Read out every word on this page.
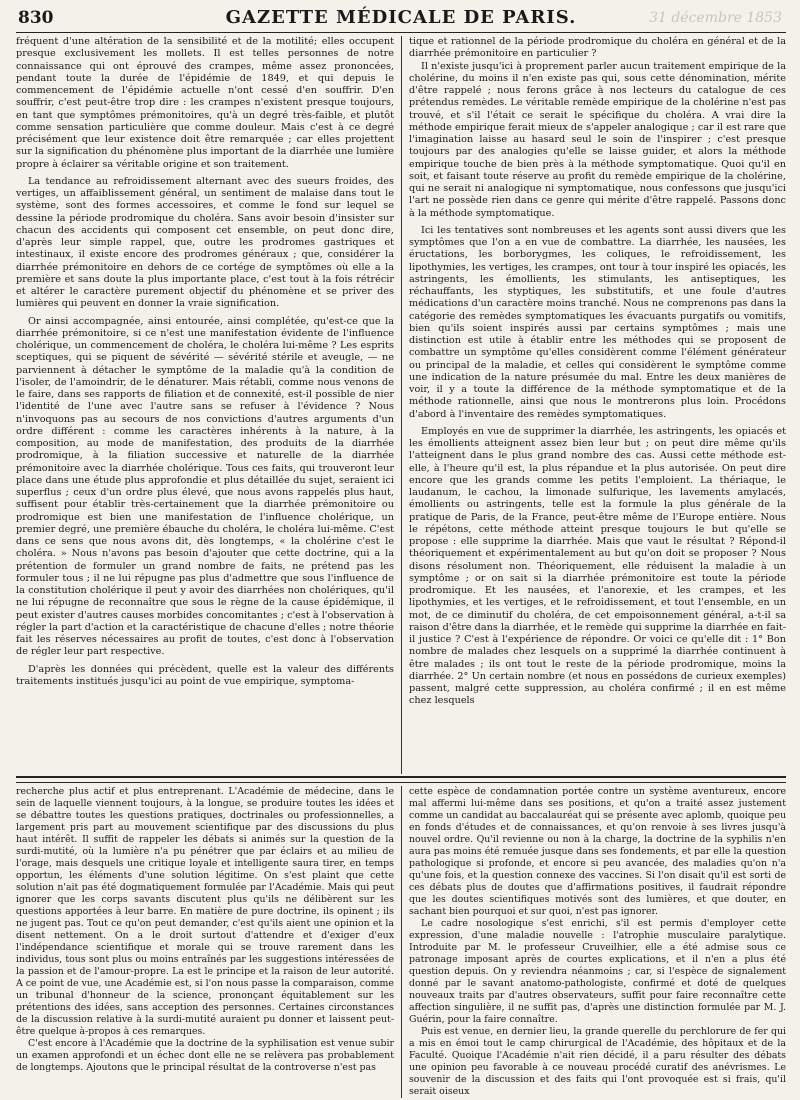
830	GAZETTE MÉDICALE DE PARIS.	31 décembre 1853

fréquent d'une altération de la sensibilité et de la motilité; elles occupent presque exclusivement les mollets. Il est telles personnes de notre connaissance qui ont éprouvé des crampes, même assez prononcées, pendant toute la durée de l'épidémie de 1849, et qui depuis le commencement de l'épidémie actuelle n'ont cessé d'en souffrir. D'en souffrir, c'est peut-être trop dire : les crampes n'existent presque toujours, en tant que symptômes prémonitoires, qu'à un degré très-faible, et plutôt comme sensation particulière que comme douleur. Mais c'est à ce degré précisément que leur existence doit être remarquée ; car elles projettent sur la signification du phénomène plus important de la diarrhée une lumière propre à éclairer sa véritable origine et son traitement.

La tendance au refroidissement alternant avec des sueurs froides, des vertiges, un affaiblissement général, un sentiment de malaise dans tout le système, sont des formes accessoires, et comme le fond sur lequel se dessine la période prodromique du choléra. Sans avoir besoin d'insister sur chacun des accidents qui composent cet ensemble, on peut donc dire, d'après leur simple rappel, que, outre les prodromes gastriques et intestinaux, il existe encore des prodromes généraux ; que, considérer la diarrhée prémonitoire en dehors de ce cortége de symptômes où elle a la première et sans doute la plus importante place, c'est tout à la fois rétrécir et altérer le caractère purement objectif du phénomène et se priver des lumières qui peuvent en donner la vraie signification.

Or ainsi accompagnée, ainsi entourée, ainsi complétée, qu'est-ce que la diarrhée prémonitoire, si ce n'est une manifestation évidente de l'influence cholérique, un commencement de choléra, le choléra lui-même ? Les esprits sceptiques, qui se piquent de sévérité — sévérité stérile et aveugle, — ne parviennent à détacher le symptôme de la maladie qu'à la condition de l'isoler, de l'amoindrir, de le dénaturer. Mais rétabli, comme nous venons de le faire, dans ses rapports de filiation et de connexité, est-il possible de nier l'identité de l'une avec l'autre sans se refuser à l'évidence ? Nous n'invoquons pas au secours de nos convictions d'autres arguments d'un ordre différent : comme les caractères inhérents à la nature, à la composition, au mode de manifestation, des produits de la diarrhée prodromique, à la filiation successive et naturelle de la diarrhée prémonitoire avec la diarrhée cholérique. Tous ces faits, qui trouveront leur place dans une étude plus approfondie et plus détaillée du sujet, seraient ici superflus ; ceux d'un ordre plus élevé, que nous avons rappelés plus haut, suffisent pour établir très-certainement que la diarrhée prémonitoire ou prodromique est bien une manifestation de l'influence cholérique, un premier degré, une première ébauche du choléra, le choléra lui-même. C'est dans ce sens que nous avons dit, dès longtemps, « la cholérine c'est le choléra. » Nous n'avons pas besoin d'ajouter que cette doctrine, qui a la prétention de formuler un grand nombre de faits, ne prétend pas les formuler tous ; il ne lui répugne pas plus d'admettre que sous l'influence de la constitution cholérique il peut y avoir des diarrhées non cholériques, qu'il ne lui répugne de reconnaître que sous le règne de la cause épidémique, il peut exister d'autres causes morbides concomitantes ; c'est à l'observation à régler la part d'action et la caractéristique de chacune d'elles ; notre théorie fait les réserves nécessaires au profit de toutes, c'est donc à l'observation de régler leur part respective.

D'après les données qui précèdent, quelle est la valeur des différents traitements institués jusqu'ici au point de vue empirique, symptoma-

tique et rationnel de la période prodromique du choléra en général et de la diarrhée prémonitoire en particulier ?

Il n'existe jusqu'ici à proprement parler aucun traitement empirique de la cholérine, du moins il n'en existe pas qui, sous cette dénomination, mérite d'être rappelé ; nous ferons grâce à nos lecteurs du catalogue de ces prétendus remèdes. Le véritable remède empirique de la cholérine n'est pas trouvé, et s'il l'était ce serait le spécifique du choléra. A vrai dire la méthode empirique ferait mieux de s'appeler analogique ; car il est rare que l'imagination laisse au hasard seul le soin de l'inspirer ; c'est presque toujours par des analogies qu'elle se laisse guider, et alors la méthode empirique touche de bien près à la méthode symptomatique. Quoi qu'il en soit, et faisant toute réserve au profit du remède empirique de la cholérine, qui ne serait ni analogique ni symptomatique, nous confessons que jusqu'ici l'art ne possède rien dans ce genre qui mérite d'être rappelé. Passons donc à la méthode symptomatique.

Ici les tentatives sont nombreuses et les agents sont aussi divers que les symptômes que l'on a en vue de combattre. La diarrhée, les nausées, les éructations, les borborygmes, les coliques, le refroidissement, les lipothymies, les vertiges, les crampes, ont tour à tour inspiré les opiacés, les astringents, les émollients, les stimulants, les antiseptiques, les réchauffants, les styptiques, les substitutifs, et une foule d'autres médications d'un caractère moins tranché. Nous ne comprenons pas dans la catégorie des remèdes symptomatiques les évacuants purgatifs ou vomitifs, bien qu'ils soient inspirés aussi par certains symptômes ; mais une distinction est utile à établir entre les méthodes qui se proposent de combattre un symptôme qu'elles considèrent comme l'élément générateur ou principal de la maladie, et celles qui considèrent le symptôme comme une indication de la nature présumée du mal. Entre les deux manières de voir, il y a toute la différence de la méthode symptomatique et de la méthode rationnelle, ainsi que nous le montrerons plus loin. Procédons d'abord à l'inventaire des remèdes symptomatiques.

Employés en vue de supprimer la diarrhée, les astringents, les opiacés et les émollients atteignent assez bien leur but ; on peut dire même qu'ils l'atteignent dans le plus grand nombre des cas. Aussi cette méthode est-elle, à l'heure qu'il est, la plus répandue et la plus autorisée. On peut dire encore que les grands comme les petits l'emploient. La thériaque, le laudanum, le cachou, la limonade sulfurique, les lavements amylacés, émollients ou astringents, telle est la formule la plus générale de la pratique de Paris, de la France, peut-être même de l'Europe entière. Nous le répétons, cette méthode atteint presque toujours le but qu'elle se propose : elle supprime la diarrhée. Mais que vaut le résultat ? Répond-il théoriquement et expérimentalement au but qu'on doit se proposer ? Nous disons résolument non. Théoriquement, elle réduisent la maladie à un symptôme ; or on sait si la diarrhée prémonitoire est toute la période prodromique. Et les nausées, et l'anorexie, et les crampes, et les lipothymies, et les vertiges, et le refroidissement, et tout l'ensemble, en un mot, de ce diminutif du choléra, de cet empoisonnement général, a-t-il sa raison d'être dans la diarrhée, et le remède qui supprime la diarrhée en fait-il justice ? C'est à l'expérience de répondre. Or voici ce qu'elle dit : 1° Bon nombre de malades chez lesquels on a supprimé la diarrhée continuent à être malades ; ils ont tout le reste de la période prodromique, moins la diarrhée. 2° Un certain nombre (et nous en possédons de curieux exemples) passent, malgré cette suppression, au choléra confirmé ; il en est même chez lesquels

recherche plus actif et plus entreprenant. L'Académie de médecine, dans le sein de laquelle viennent toujours, à la longue, se produire toutes les idées et se débattre toutes les questions pratiques, doctrinales ou professionnelles, a largement pris part au mouvement scientifique par des discussions du plus haut intérêt. Il suffit de rappeler les débats si animés sur la question de la surdi-mutité, où la lumière n'a pu pénétrer que par éclairs et au milieu de l'orage, mais desquels une critique loyale et intelligente saura tirer, en temps opportun, les éléments d'une solution légitime. On s'est plaint que cette solution n'ait pas été dogmatiquement formulée par l'Académie. Mais qui peut ignorer que les corps savants discutent plus qu'ils ne délibèrent sur les questions apportées à leur barre. En matière de pure doctrine, ils opinent ; ils ne jugent pas. Tout ce qu'on peut demander, c'est qu'ils aient une opinion et la disent nettement. On a le droit surtout d'attendre et d'exiger d'eux l'indépendance scientifique et morale qui se trouve rarement dans les individus, tous sont plus ou moins entraînés par les suggestions intéressées de la passion et de l'amour-propre. La est le principe et la raison de leur autorité. A ce point de vue, une Académie est, si l'on nous passe la comparaison, comme un tribunal d'honneur de la science, prononçant équitablement sur les prétentions des idées, sans acception des personnes. Certaines circonstances de la discussion relative à la surdi-mutité auraient pu donner et laissent peut-être quelque à-propos à ces remarques.

C'est encore à l'Académie que la doctrine de la syphilisation est venue subir un examen approfondi et un échec dont elle ne se relèvera pas probablement de longtemps. Ajoutons que le principal résultat de la controverse n'est pas

cette espèce de condamnation portée contre un système aventureux, encore mal affermi lui-même dans ses positions, et qu'on a traité assez justement comme un candidat au baccalauréat qui se présente avec aplomb, quoique peu en fonds d'études et de connaissances, et qu'on renvoie à ses livres jusqu'à nouvel ordre. Qu'il revienne ou non à la charge, la doctrine de la syphilis n'en aura pas moins été remuée jusque dans ses fondements, et par elle la question pathologique si profonde, et encore si peu avancée, des maladies qu'on n'a qu'une fois, et la question connexe des vaccines. Si l'on disait qu'il est sorti de ces débats plus de doutes que d'affirmations positives, il faudrait répondre que les doutes scientifiques motivés sont des lumières, et que douter, en sachant bien pourquoi et sur quoi, n'est pas ignorer.

Le cadre nosologique s'est enrichi, s'il est permis d'employer cette expression, d'une maladie nouvelle : l'atrophie musculaire paralytique. Introduite par M. le professeur Cruveilhier, elle a été admise sous ce patronage imposant après de courtes explications, et il n'en a plus été question depuis. On y reviendra néanmoins ; car, si l'espèce de signalement donné par le savant anatomo-pathologiste, confirmé et doté de quelques nouveaux traits par d'autres observateurs, suffit pour faire reconnaître cette affection singulière, il ne suffit pas, d'après une distinction formulée par M. J. Guérin, pour la faire connaître.

Puis est venue, en dernier lieu, la grande querelle du perchlorure de fer qui a mis en émoi tout le camp chirurgical de l'Académie, des hôpitaux et de la Faculté. Quoique l'Académie n'ait rien décidé, il a paru résulter des débats une opinion peu favorable à ce nouveau procédé curatif des anévrismes. Le souvenir de la discussion et des faits qui l'ont provoquée est si frais, qu'il serait oiseux
